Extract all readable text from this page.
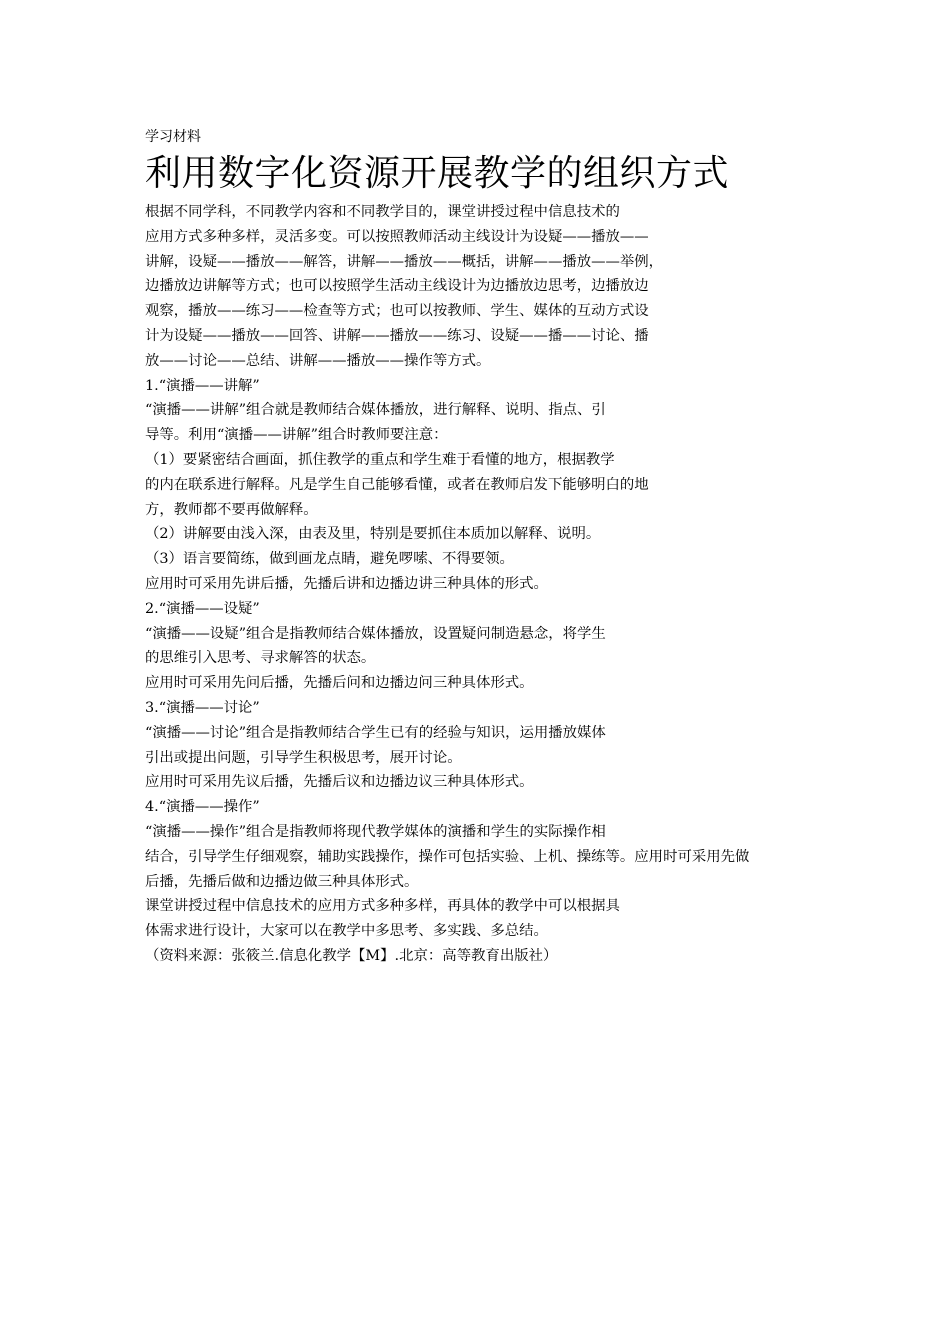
学习材料
利用数字化资源开展教学的组织方式
根据不同学科，不同教学内容和不同教学目的，课堂讲授过程中信息技术的
应用方式多种多样，灵活多变。可以按照教师活动主线设计为设疑——播放——
讲解，设疑——播放——解答，讲解——播放——概括，讲解——播放——举例，
边播放边讲解等方式；也可以按照学生活动主线设计为边播放边思考，边播放边
观察，播放——练习——检查等方式；也可以按教师、学生、媒体的互动方式设
计为设疑——播放——回答、讲解——播放——练习、设疑——播——讨论、播
放——讨论——总结、讲解——播放——操作等方式。
1.“演播——讲解”
“演播——讲解”组合就是教师结合媒体播放，进行解释、说明、指点、引
导等。利用“演播——讲解”组合时教师要注意：
（1）要紧密结合画面，抓住教学的重点和学生难于看懂的地方，根据教学
的内在联系进行解释。凡是学生自己能够看懂，或者在教师启发下能够明白的地
方，教师都不要再做解释。
（2）讲解要由浅入深，由表及里，特别是要抓住本质加以解释、说明。
（3）语言要简练，做到画龙点睛，避免啰嗦、不得要领。
应用时可采用先讲后播，先播后讲和边播边讲三种具体的形式。
2.“演播——设疑”
“演播——设疑”组合是指教师结合媒体播放，设置疑问制造悬念，将学生
的思维引入思考、寻求解答的状态。
应用时可采用先问后播，先播后问和边播边问三种具体形式。
3.“演播——讨论”
“演播——讨论”组合是指教师结合学生已有的经验与知识，运用播放媒体
引出或提出问题，引导学生积极思考，展开讨论。
应用时可采用先议后播，先播后议和边播边议三种具体形式。
4.“演播——操作”
“演播——操作”组合是指教师将现代教学媒体的演播和学生的实际操作相
结合，引导学生仔细观察，辅助实践操作，操作可包括实验、上机、操练等。应用时可采用先做
后播，先播后做和边播边做三种具体形式。
课堂讲授过程中信息技术的应用方式多种多样，再具体的教学中可以根据具
体需求进行设计，大家可以在教学中多思考、多实践、多总结。
（资料来源：张筱兰.信息化教学【M】.北京：高等教育出版社）
